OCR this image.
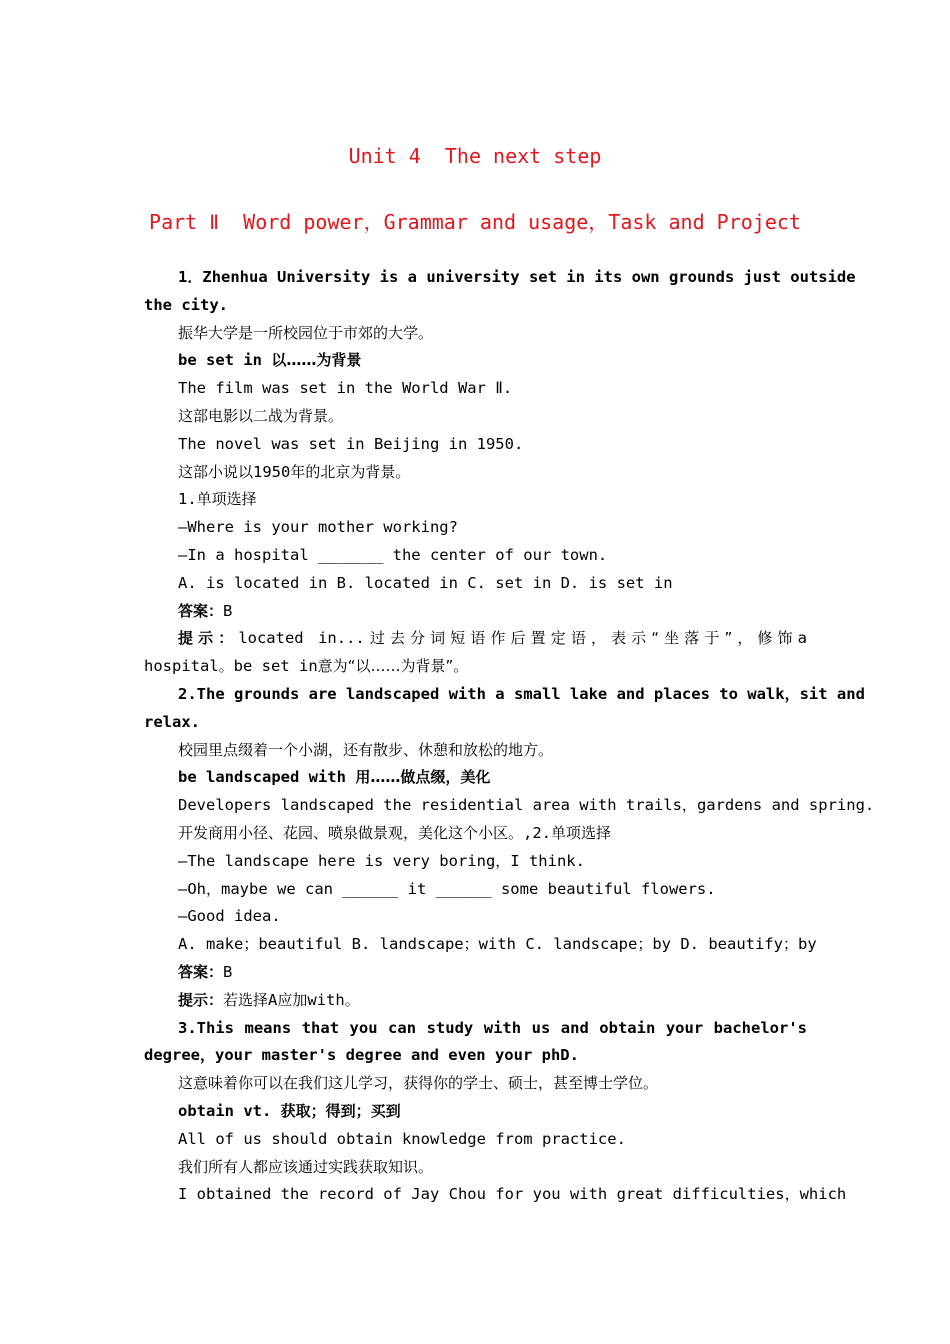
Unit 4  The next step
Part Ⅱ  Word power，Grammar and usage，Task and Project
1．Zhenhua University is a university set in its own grounds just outside
the city.
振华大学是一所校园位于市郊的大学。
be set in 以……为背景
The film was set in the World War Ⅱ.
这部电影以二战为背景。
The novel was set in Beijing in 1950.
这部小说以1950年的北京为背景。
1.单项选择
—Where is your mother working?
—In a hospital _______ the center of our town.
A. is located in B. located in C. set in D. is set in
答案：B
提示：located in...过去分词短语作后置定语，表示“坐落于”，修饰a
hospital。be set in意为“以……为背景”。
2.The grounds are landscaped with a small lake and places to walk，sit and
relax.
校园里点缀着一个小湖，还有散步、休憩和放松的地方。
be landscaped with 用……做点缀，美化
Developers landscaped the residential area with trails，gardens and spring.
开发商用小径、花园、喷泉做景观，美化这个小区。,2.单项选择
—The landscape here is very boring，I think.
—Oh，maybe we can ______ it ______ some beautiful flowers.
—Good idea.
A. make；beautiful B. landscape；with C. landscape；by D. beautify；by
答案：B
提示：若选择A应加with。
3.This means that you can study with us and obtain your bachelor's
degree，your master's degree and even your phD.
这意味着你可以在我们这儿学习，获得你的学士、硕士，甚至博士学位。
obtain vt. 获取；得到；买到
All of us should obtain knowledge from practice.
我们所有人都应该通过实践获取知识。
I obtained the record of Jay Chou for you with great difficulties，which
